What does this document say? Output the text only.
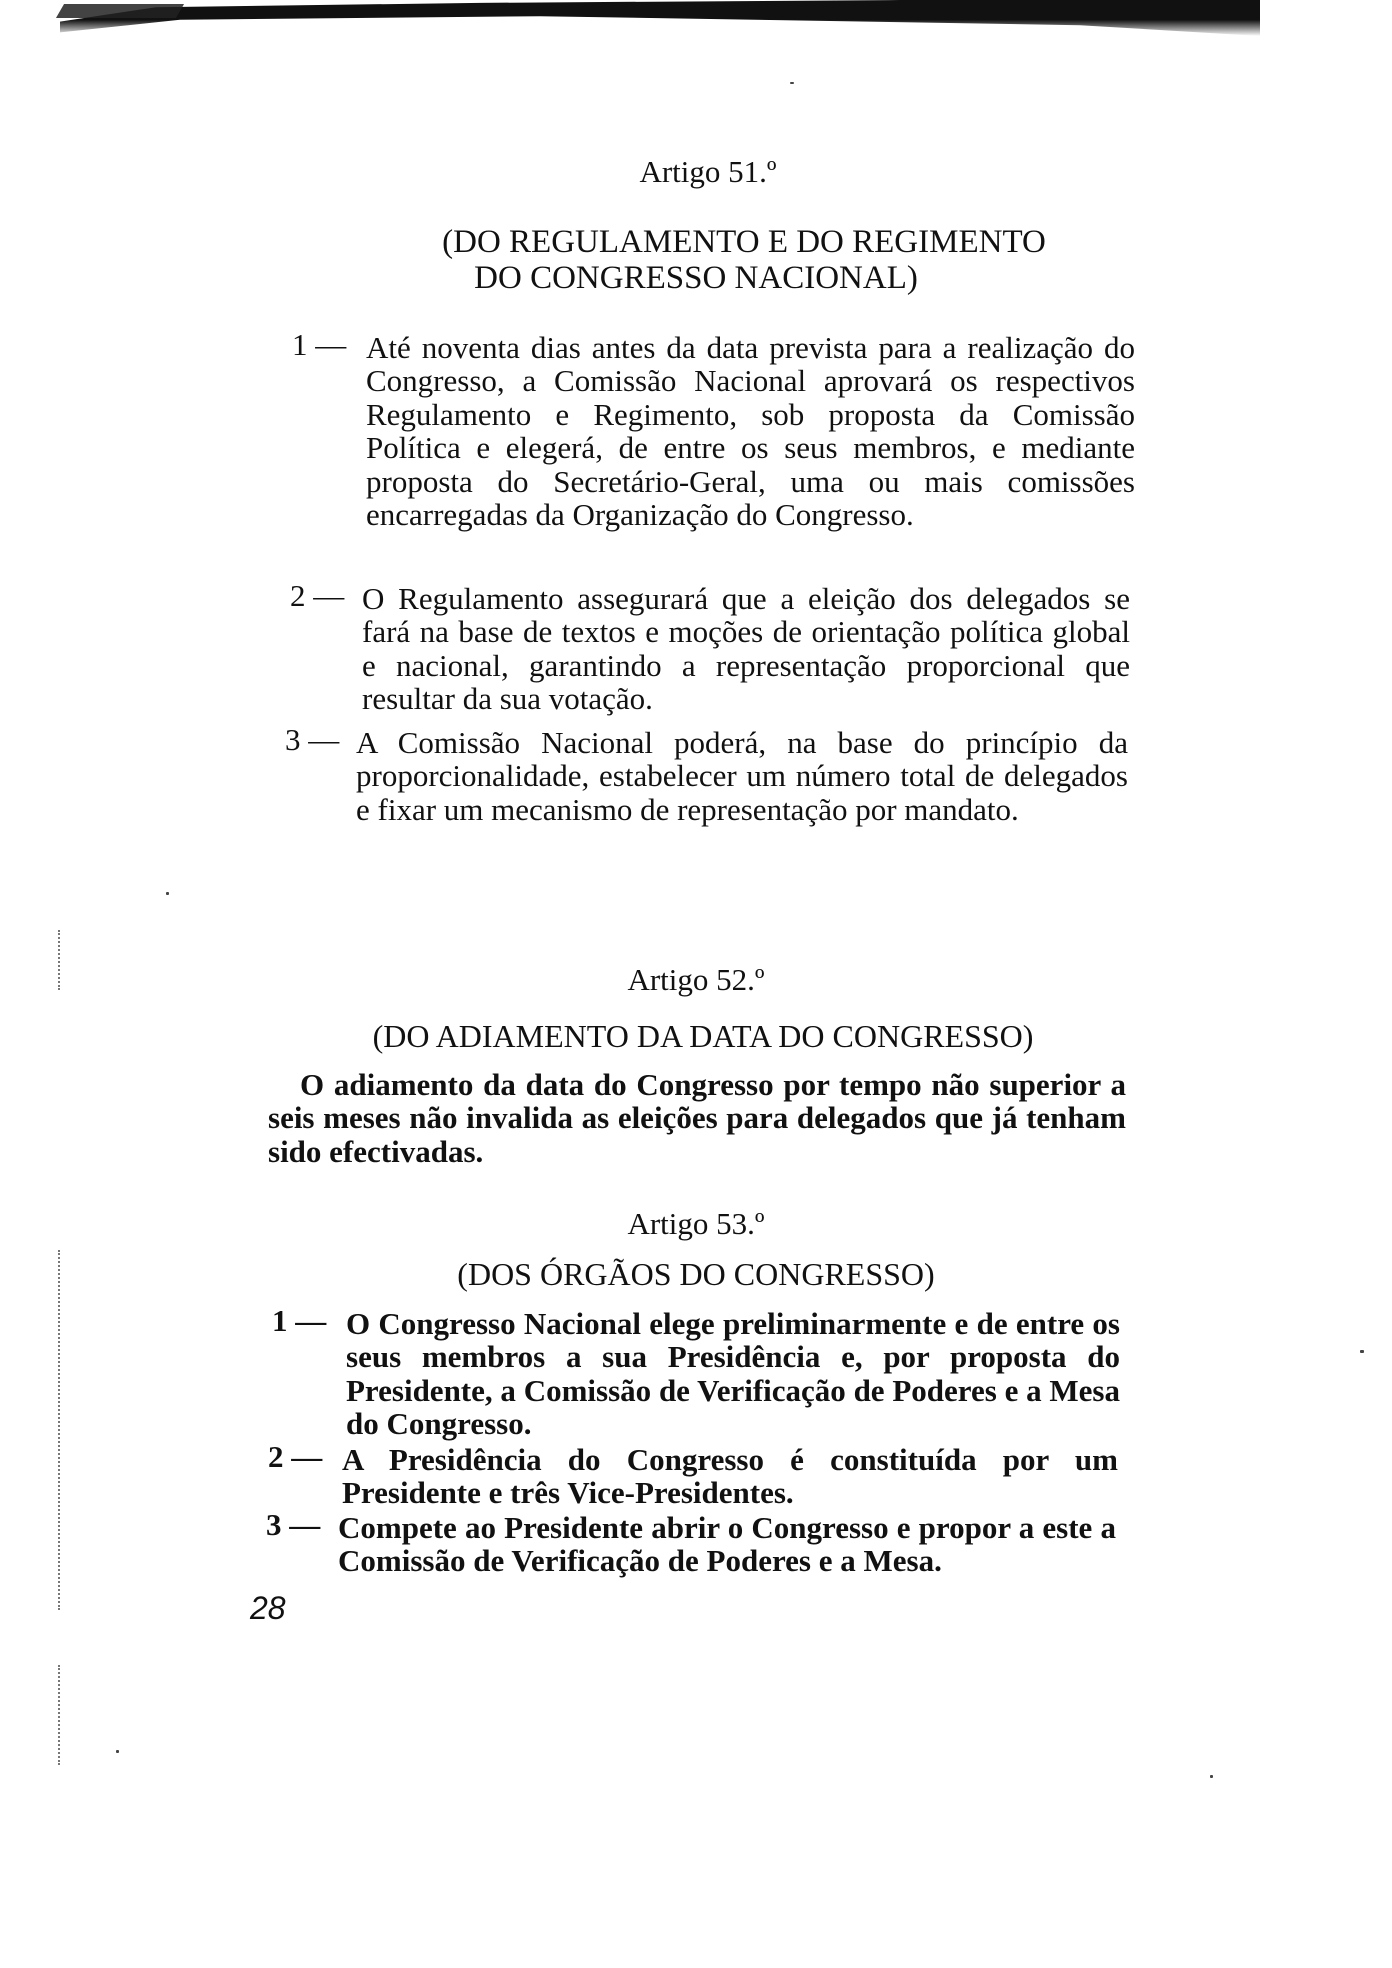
Artigo 51.º
(DO REGULAMENTO E DO REGIMENTO
DO CONGRESSO NACIONAL)
1 — Até noventa dias antes da data prevista para a realização do Congresso, a Comissão Nacional aprovará os respectivos Regulamento e Regimento, sob proposta da Comissão Política e elegerá, de entre os seus membros, e mediante proposta do Secretário-Geral, uma ou mais comissões encarregadas da Organização do Congresso.
2 — O Regulamento assegurará que a eleição dos delegados se fará na base de textos e moções de orientação política global e nacional, garantindo a representação proporcional que resultar da sua votação.
3 — A Comissão Nacional poderá, na base do princípio da proporcionalidade, estabelecer um número total de delegados e fixar um mecanismo de representação por mandato.
Artigo 52.º
(DO ADIAMENTO DA DATA DO CONGRESSO)
O adiamento da data do Congresso por tempo não superior a seis meses não invalida as eleições para delegados que já tenham sido efectivadas.
Artigo 53.º
(DOS ÓRGÃOS DO CONGRESSO)
1 — O Congresso Nacional elege preliminarmente e de entre os seus membros a sua Presidência e, por proposta do Presidente, a Comissão de Verificação de Poderes e a Mesa do Congresso.
2 — A Presidência do Congresso é constituída por um Presidente e três Vice-Presidentes.
3 — Compete ao Presidente abrir o Congresso e propor a este a Comissão de Verificação de Poderes e a Mesa.
28
